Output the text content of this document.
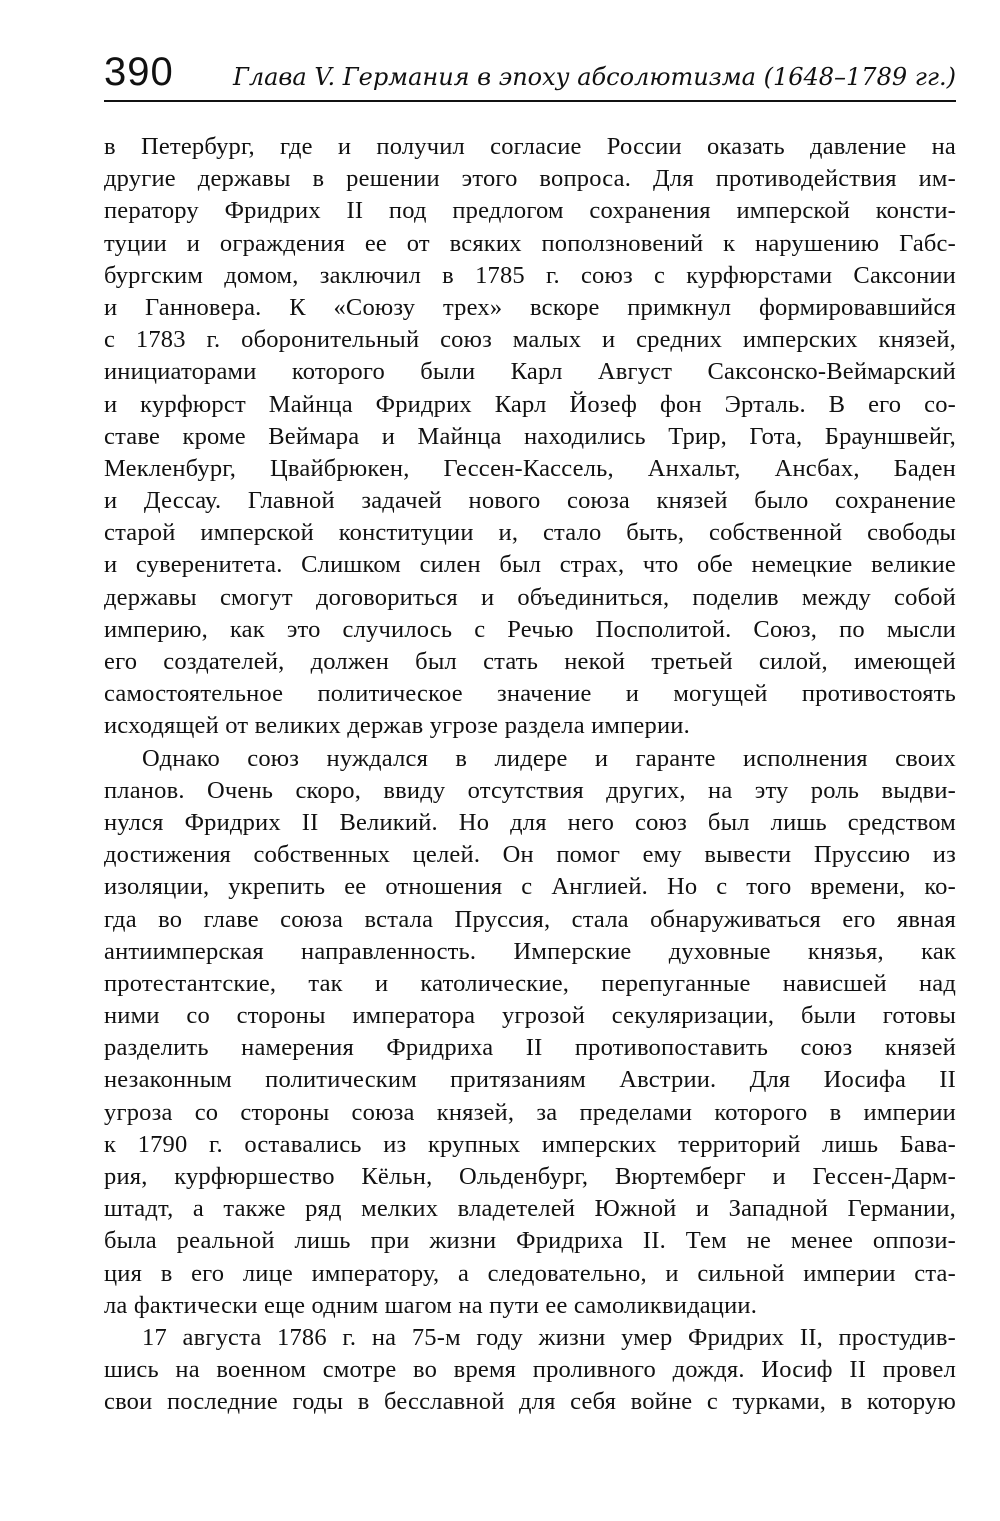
390 Глава V. Германия в эпоху абсолютизма (1648–1789 гг.)
в Петербург, где и получил согласие России оказать давление на
другие державы в решении этого вопроса. Для противодействия им-
ператору Фридрих II под предлогом сохранения имперской консти-
туции и ограждения ее от всяких поползновений к нарушению Габс-
бургским домом, заключил в 1785 г. союз с курфюрстами Саксонии
и Ганновера. К «Союзу трех» вскоре примкнул формировавшийся
с 1783 г. оборонительный союз малых и средних имперских князей,
инициаторами которого были Карл Август Саксонско-Веймарский
и курфюрст Майнца Фридрих Карл Йозеф фон Эрталь. В его со-
ставе кроме Веймара и Майнца находились Трир, Гота, Брауншвейг,
Мекленбург, Цвайбрюкен, Гессен-Кассель, Анхальт, Ансбах, Баден
и Дессау. Главной задачей нового союза князей было сохранение
старой имперской конституции и, стало быть, собственной свободы
и суверенитета. Слишком силен был страх, что обе немецкие великие
державы смогут договориться и объединиться, поделив между собой
империю, как это случилось с Речью Посполитой. Союз, по мысли
его создателей, должен был стать некой третьей силой, имеющей
самостоятельное политическое значение и могущей противостоять
исходящей от великих держав угрозе раздела империи.
Однако союз нуждался в лидере и гаранте исполнения своих
планов. Очень скоро, ввиду отсутствия других, на эту роль выдви-
нулся Фридрих II Великий. Но для него союз был лишь средством
достижения собственных целей. Он помог ему вывести Пруссию из
изоляции, укрепить ее отношения с Англией. Но с того времени, ко-
гда во главе союза встала Пруссия, стала обнаруживаться его явная
антиимперская направленность. Имперские духовные князья, как
протестантские, так и католические, перепуганные нависшей над
ними со стороны императора угрозой секуляризации, были готовы
разделить намерения Фридриха II противопоставить союз князей
незаконным политическим притязаниям Австрии. Для Иосифа II
угроза со стороны союза князей, за пределами которого в империи
к 1790 г. оставались из крупных имперских территорий лишь Бава-
рия, курфюршество Кёльн, Ольденбург, Вюртемберг и Гессен-Дарм-
штадт, а также ряд мелких владетелей Южной и Западной Германии,
была реальной лишь при жизни Фридриха II. Тем не менее оппози-
ция в его лице императору, а следовательно, и сильной империи ста-
ла фактически еще одним шагом на пути ее самоликвидации.
17 августа 1786 г. на 75-м году жизни умер Фридрих II, простудив-
шись на военном смотре во время проливного дождя. Иосиф II провел
свои последние годы в бесславной для себя войне с турками, в которую
